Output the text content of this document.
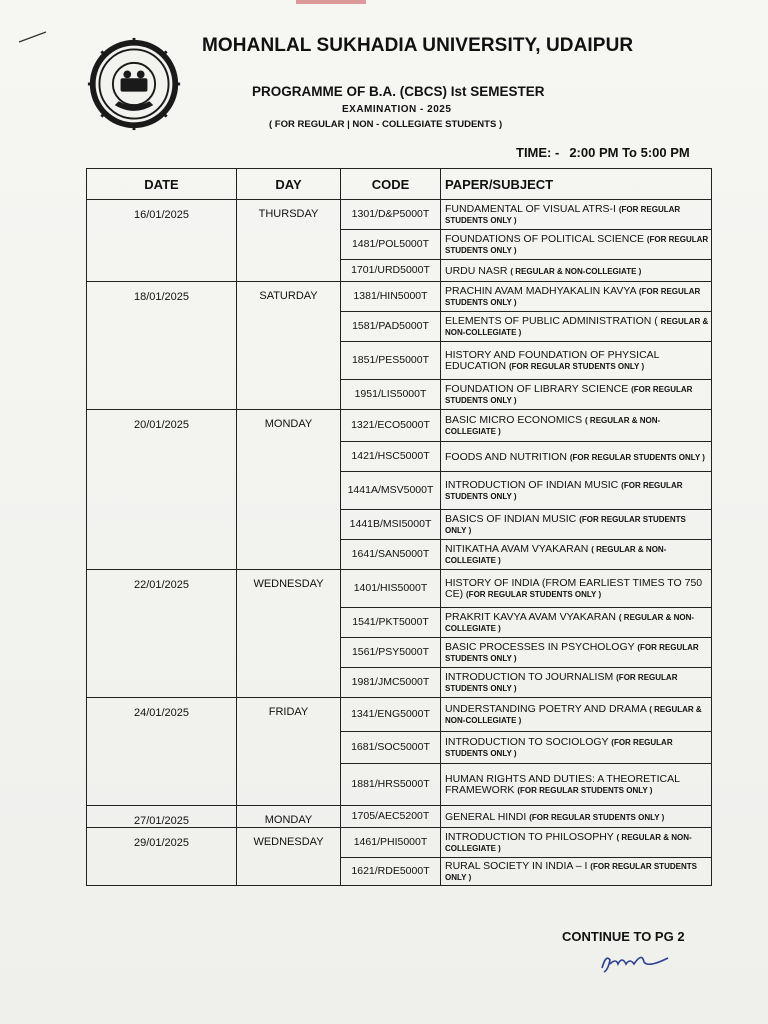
MOHANLAL SUKHADIA UNIVERSITY, UDAIPUR
PROGRAMME OF B.A. (CBCS) Ist SEMESTER
EXAMINATION - 2025
( FOR REGULAR | NON - COLLEGIATE STUDENTS )
TIME: - 2:00 PM To 5:00 PM
DATE	DAY	CODE	PAPER/SUBJECT
16/01/2025	THURSDAY	1301/D&P5000T	FUNDAMENTAL OF VISUAL ATRS-I (FOR REGULAR STUDENTS ONLY )
		1481/POL5000T	FOUNDATIONS OF POLITICAL SCIENCE (FOR REGULAR STUDENTS ONLY )
		1701/URD5000T	URDU NASR ( REGULAR & NON-COLLEGIATE )
18/01/2025	SATURDAY	1381/HIN5000T	PRACHIN AVAM MADHYAKALIN KAVYA (FOR REGULAR STUDENTS ONLY )
		1581/PAD5000T	ELEMENTS OF PUBLIC ADMINISTRATION ( REGULAR & NON-COLLEGIATE )
		1851/PES5000T	HISTORY AND FOUNDATION OF PHYSICAL EDUCATION (FOR REGULAR STUDENTS ONLY )
		1951/LIS5000T	FOUNDATION OF LIBRARY SCIENCE (FOR REGULAR STUDENTS ONLY )
20/01/2025	MONDAY	1321/ECO5000T	BASIC MICRO ECONOMICS ( REGULAR & NON-COLLEGIATE )
		1421/HSC5000T	FOODS AND NUTRITION (FOR REGULAR STUDENTS ONLY )
		1441A/MSV5000T	INTRODUCTION OF INDIAN MUSIC (FOR REGULAR STUDENTS ONLY )
		1441B/MSI5000T	BASICS OF INDIAN MUSIC (FOR REGULAR STUDENTS ONLY )
		1641/SAN5000T	NITIKATHA AVAM VYAKARAN ( REGULAR & NON-COLLEGIATE )
22/01/2025	WEDNESDAY	1401/HIS5000T	HISTORY OF INDIA (FROM EARLIEST TIMES TO 750 CE) (FOR REGULAR STUDENTS ONLY )
		1541/PKT5000T	PRAKRIT KAVYA AVAM VYAKARAN ( REGULAR & NON-COLLEGIATE )
		1561/PSY5000T	BASIC PROCESSES IN PSYCHOLOGY (FOR REGULAR STUDENTS ONLY )
		1981/JMC5000T	INTRODUCTION TO JOURNALISM (FOR REGULAR STUDENTS ONLY )
24/01/2025	FRIDAY	1341/ENG5000T	UNDERSTANDING POETRY AND DRAMA ( REGULAR & NON-COLLEGIATE )
		1681/SOC5000T	INTRODUCTION TO SOCIOLOGY (FOR REGULAR STUDENTS ONLY )
		1881/HRS5000T	HUMAN RIGHTS AND DUTIES: A THEORETICAL FRAMEWORK (FOR REGULAR STUDENTS ONLY )
27/01/2025	MONDAY	1705/AEC5200T	GENERAL HINDI (FOR REGULAR STUDENTS ONLY )
29/01/2025	WEDNESDAY	1461/PHI5000T	INTRODUCTION TO PHILOSOPHY ( REGULAR & NON-COLLEGIATE )
		1621/RDE5000T	RURAL SOCIETY IN INDIA – I (FOR REGULAR STUDENTS ONLY )
CONTINUE TO PG 2
